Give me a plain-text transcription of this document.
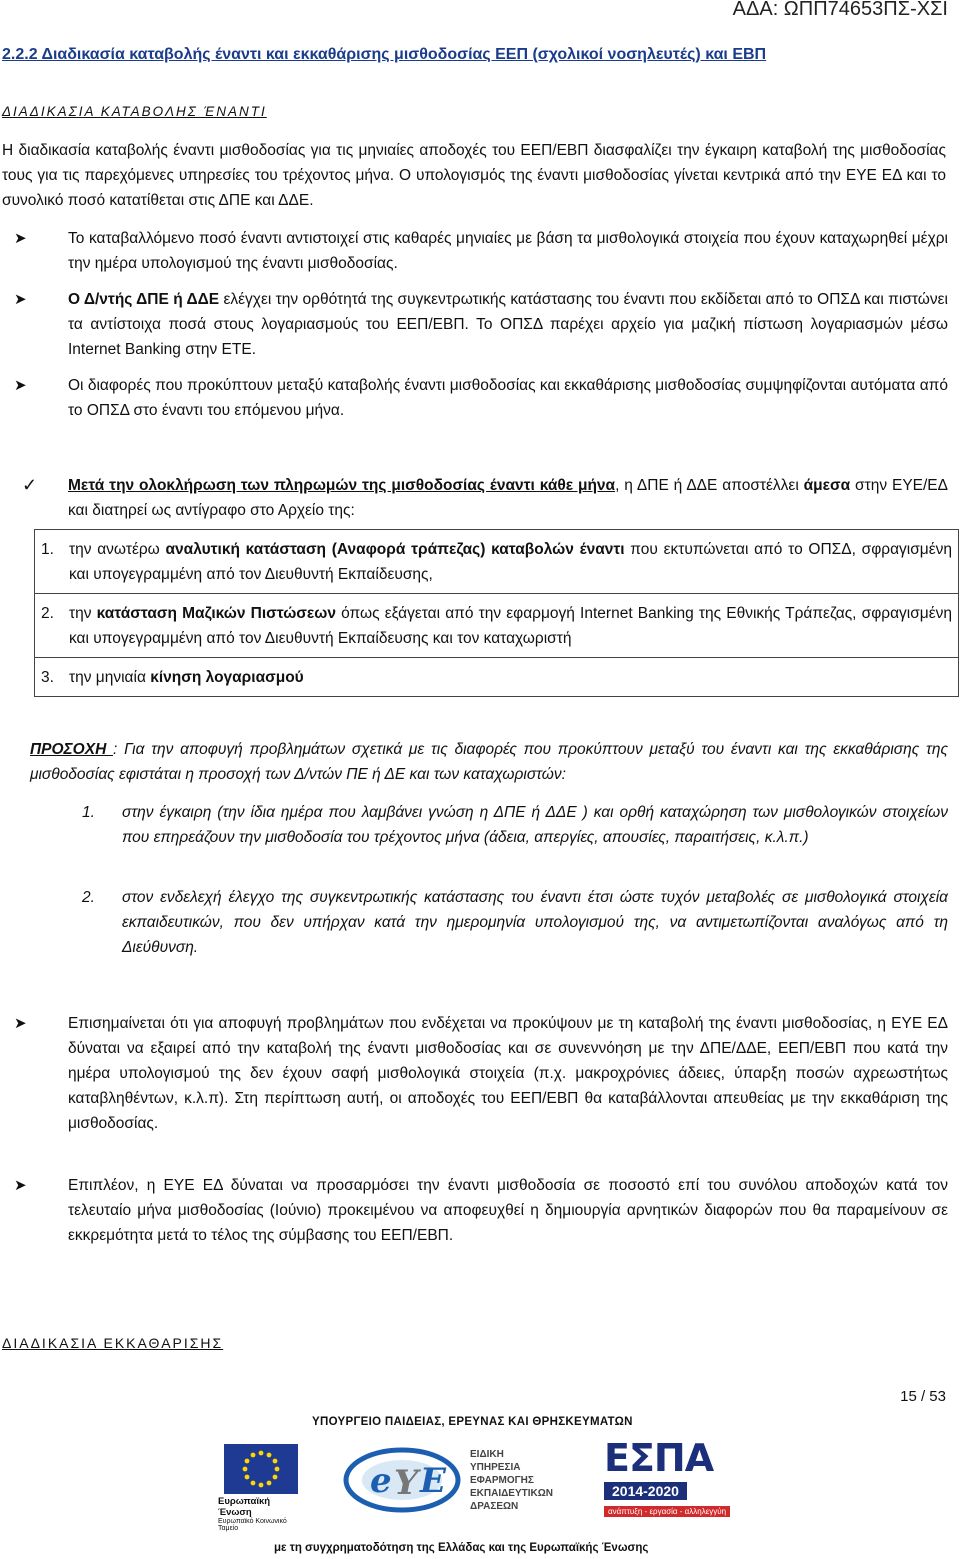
ΑΔΑ: ΩΠΠ74653ΠΣ-ΧΣΙ
2.2.2 Διαδικασία καταβολής έναντι και εκκαθάρισης μισθοδοσίας ΕΕΠ (σχολικοί νοσηλευτές) και ΕΒΠ
ΔΙΑΔΙΚΑΣΙΑ ΚΑΤΑΒΟΛΗΣ ΈΝΑΝΤΙ
Η διαδικασία καταβολής έναντι μισθοδοσίας για τις μηνιαίες αποδοχές του ΕΕΠ/ΕΒΠ διασφαλίζει την έγκαιρη καταβολή της μισθοδοσίας τους για τις παρεχόμενες υπηρεσίες του τρέχοντος μήνα. Ο υπολογισμός της έναντι μισθοδοσίας γίνεται κεντρικά από την ΕΥΕ ΕΔ και το συνολικό ποσό κατατίθεται στις ΔΠΕ και ΔΔΕ.
➤	Το καταβαλλόμενο ποσό έναντι αντιστοιχεί στις καθαρές μηνιαίες με βάση τα μισθολογικά στοιχεία που έχουν καταχωρηθεί μέχρι την ημέρα υπολογισμού της έναντι μισθοδοσίας.
➤	Ο Δ/ντής ΔΠΕ ή ΔΔΕ ελέγχει την ορθότητά της συγκεντρωτικής κατάστασης του έναντι που εκδίδεται από το ΟΠΣΔ και πιστώνει τα αντίστοιχα ποσά στους λογαριασμούς του ΕΕΠ/ΕΒΠ. Το ΟΠΣΔ παρέχει αρχείο για μαζική πίστωση λογαριασμών μέσω Internet Banking στην ΕΤΕ.
➤	Οι διαφορές που προκύπτουν μεταξύ καταβολής έναντι μισθοδοσίας και εκκαθάρισης μισθοδοσίας συμψηφίζονται αυτόματα από το ΟΠΣΔ στο έναντι του επόμενου μήνα.
✓	Μετά την ολοκλήρωση των πληρωμών της μισθοδοσίας έναντι κάθε μήνα, η ΔΠΕ ή ΔΔΕ αποστέλλει άμεσα στην ΕΥΕ/ΕΔ και διατηρεί ως αντίγραφο στο Αρχείο της:
1. την ανωτέρω αναλυτική κατάσταση (Αναφορά τράπεζας) καταβολών έναντι που εκτυπώνεται από το ΟΠΣΔ, σφραγισμένη και υπογεγραμμένη από τον Διευθυντή Εκπαίδευσης,
2. την κατάσταση Μαζικών Πιστώσεων όπως εξάγεται από την εφαρμογή Internet Banking της Εθνικής Τράπεζας, σφραγισμένη και υπογεγραμμένη από τον Διευθυντή Εκπαίδευσης και τον καταχωριστή
3. την μηνιαία κίνηση λογαριασμού
ΠΡΟΣΟΧΗ : Για την αποφυγή προβλημάτων σχετικά με τις διαφορές που προκύπτουν μεταξύ του έναντι και της εκκαθάρισης της μισθοδοσίας εφιστάται η προσοχή των Δ/ντών ΠΕ ή ΔΕ και των καταχωριστών:
1.	στην έγκαιρη (την ίδια ημέρα που λαμβάνει γνώση η ΔΠΕ ή ΔΔΕ ) και ορθή καταχώρηση των μισθολογικών στοιχείων που επηρεάζουν την μισθοδοσία του τρέχοντος μήνα (άδεια, απεργίες, απουσίες, παραιτήσεις, κ.λ.π.)
2.	στον ενδελεχή έλεγχο της συγκεντρωτικής κατάστασης του έναντι έτσι ώστε τυχόν μεταβολές σε μισθολογικά στοιχεία εκπαιδευτικών, που δεν υπήρχαν κατά την ημερομηνία υπολογισμού της, να αντιμετωπίζονται αναλόγως από τη Διεύθυνση.
➤	Επισημαίνεται ότι για αποφυγή προβλημάτων που ενδέχεται να προκύψουν με τη καταβολή της έναντι μισθοδοσίας, η ΕΥΕ ΕΔ δύναται να εξαιρεί από την καταβολή της έναντι μισθοδοσίας και σε συνεννόηση με την ΔΠΕ/ΔΔΕ, ΕΕΠ/ΕΒΠ που κατά την ημέρα υπολογισμού της δεν έχουν σαφή μισθολογικά στοιχεία (π.χ. μακροχρόνιες άδειες, ύπαρξη ποσών αχρεωστήτως καταβληθέντων, κ.λ.π). Στη περίπτωση αυτή, οι αποδοχές του ΕΕΠ/ΕΒΠ θα καταβάλλονται απευθείας με την εκκαθάριση της μισθοδοσίας.
➤	Επιπλέον, η ΕΥΕ ΕΔ δύναται να προσαρμόσει την έναντι μισθοδοσία σε ποσοστό επί του συνόλου αποδοχών κατά τον τελευταίο μήνα μισθοδοσίας (Ιούνιο) προκειμένου να αποφευχθεί η δημιουργία αρνητικών διαφορών που θα παραμείνουν σε εκκρεμότητα μετά το τέλος της σύμβασης του ΕΕΠ/ΕΒΠ.
ΔΙΑΔΙΚΑΣΙΑ ΕΚΚΑΘΑΡΙΣΗΣ
15 / 53
ΥΠΟΥΡΓΕΙΟ ΠΑΙΔΕΙΑΣ, ΕΡΕΥΝΑΣ ΚΑΙ ΘΡΗΣΚΕΥΜΑΤΩΝ
Ευρωπαϊκή Ένωση
Ευρωπαϊκό Κοινωνικό Ταμείο
e Y E
ΕΙΔΙΚΗ
ΥΠΗΡΕΣΙΑ
ΕΦΑΡΜΟΓΗΣ
ΕΚΠΑΙΔΕΥΤΙΚΩΝ
ΔΡΑΣΕΩΝ
ΕΣΠΑ
2014-2020
ανάπτυξη - εργασία - αλληλεγγύη
με τη συγχρηματοδότηση της Ελλάδας και της Ευρωπαϊκής Ένωσης
